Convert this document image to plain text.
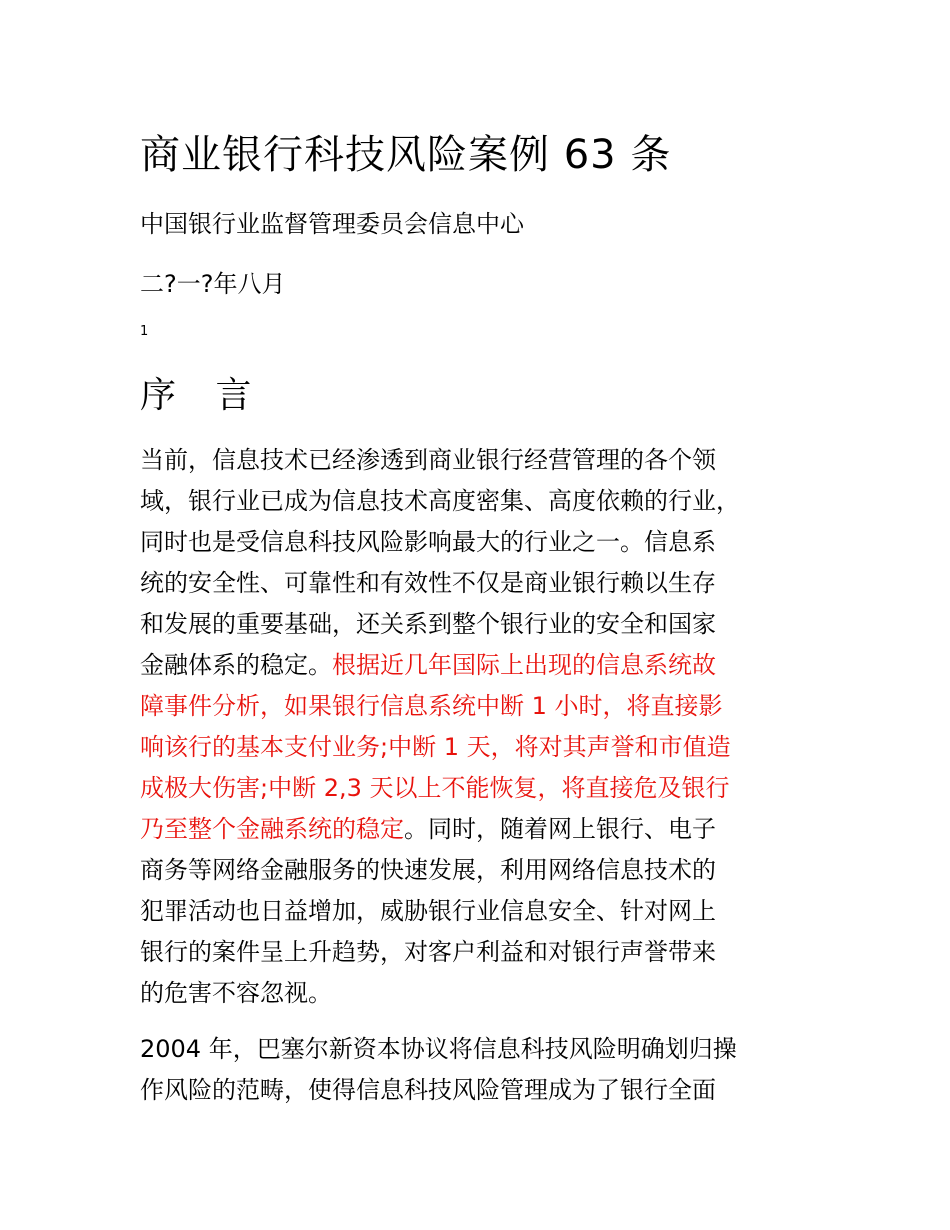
商业银行科技风险案例 63 条
中国银行业监督管理委员会信息中心
二?一?年八月
1
序 言
当前，信息技术已经渗透到商业银行经营管理的各个领
域，银行业已成为信息技术高度密集、高度依赖的行业，
同时也是受信息科技风险影响最大的行业之一。信息系
统的安全性、可靠性和有效性不仅是商业银行赖以生存
和发展的重要基础，还关系到整个银行业的安全和国家
金融体系的稳定。根据近几年国际上出现的信息系统故
障事件分析，如果银行信息系统中断 1 小时，将直接影
响该行的基本支付业务;中断 1 天，将对其声誉和市值造
成极大伤害;中断 2,3 天以上不能恢复，将直接危及银行
乃至整个金融系统的稳定。同时，随着网上银行、电子
商务等网络金融服务的快速发展，利用网络信息技术的
犯罪活动也日益增加，威胁银行业信息安全、针对网上
银行的案件呈上升趋势，对客户利益和对银行声誉带来
的危害不容忽视。
2004 年，巴塞尔新资本协议将信息科技风险明确划归操
作风险的范畴，使得信息科技风险管理成为了银行全面
